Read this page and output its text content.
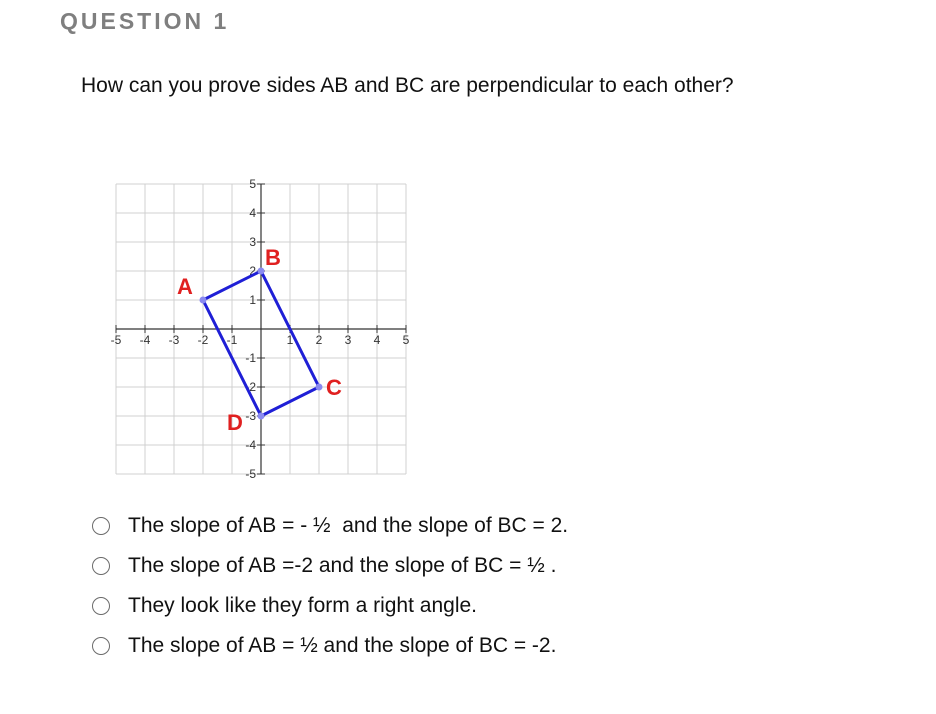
QUESTION 1
How can you prove sides AB and BC are perpendicular to each other?
-5 -4 -3 -2 -1	1 2 3 4 5
5
4
3
2
1
-1
-2
-3
-4
-5
A
B
C
D
The slope of AB = - ½  and the slope of BC = 2.
The slope of AB =-2 and the slope of BC = ½ .
They look like they form a right angle.
The slope of AB = ½ and the slope of BC = -2.
